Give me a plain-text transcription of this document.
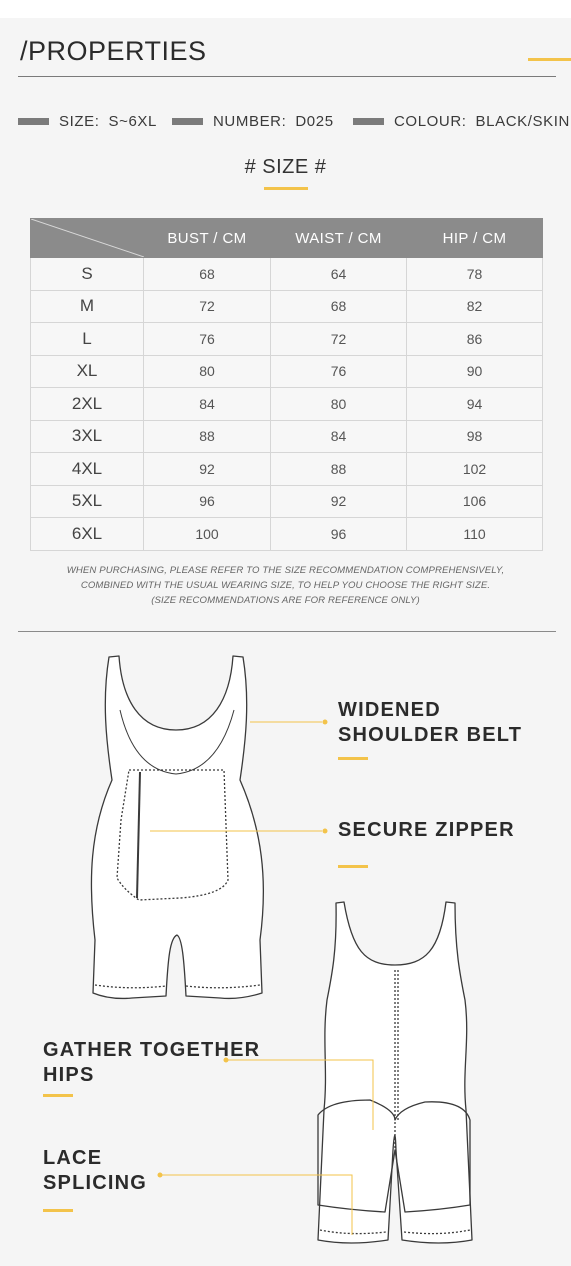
/PROPERTIES
SIZE: S~6XL	NUMBER: D025	COLOUR: BLACK/SKIN
# SIZE #
	BUST / CM	WAIST / CM	HIP / CM
S	68	64	78
M	72	68	82
L	76	72	86
XL	80	76	90
2XL	84	80	94
3XL	88	84	98
4XL	92	88	102
5XL	96	92	106
6XL	100	96	110
WHEN PURCHASING, PLEASE REFER TO THE SIZE RECOMMENDATION COMPREHENSIVELY,
COMBINED WITH THE USUAL WEARING SIZE, TO HELP YOU CHOOSE THE RIGHT SIZE.
(SIZE RECOMMENDATIONS ARE FOR REFERENCE ONLY)
WIDENED
SHOULDER BELT
SECURE ZIPPER
GATHER TOGETHER
HIPS
LACE
SPLICING
